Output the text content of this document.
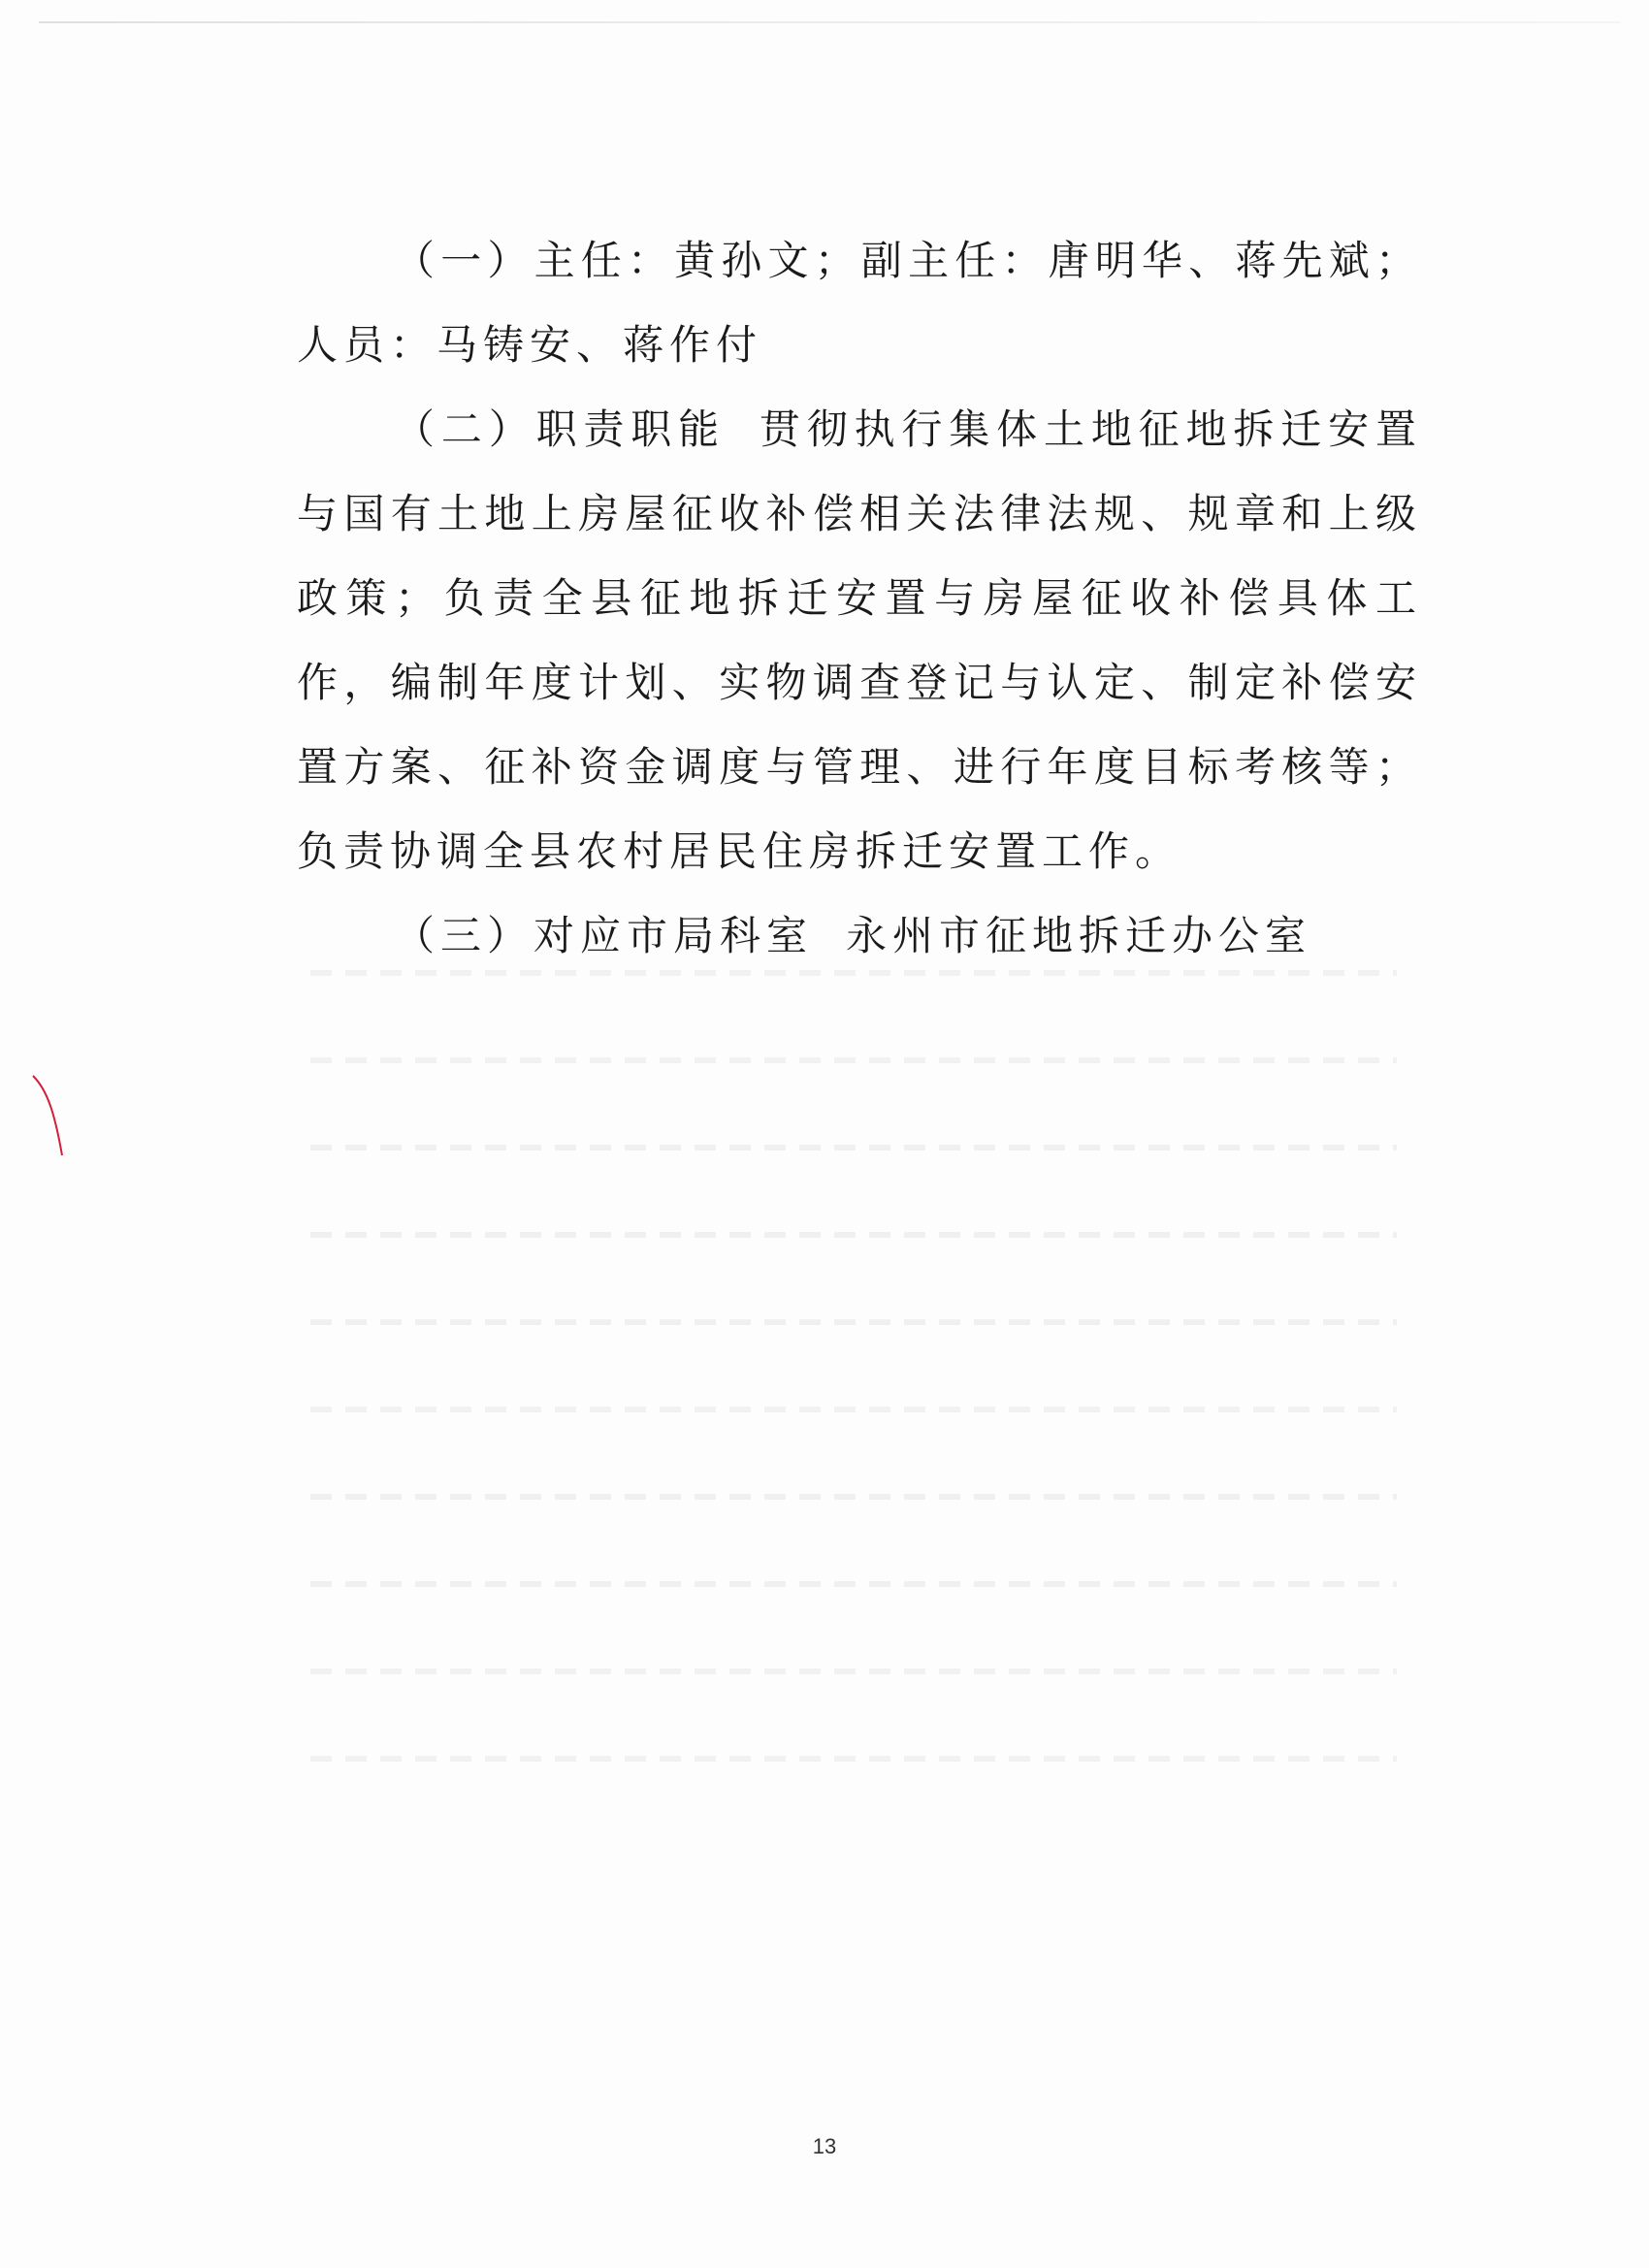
（一）主任：黄孙文；副主任：唐明华、蒋先斌；人员：马铸安、蒋作付

（二）职责职能 贯彻执行集体土地征地拆迁安置与国有土地上房屋征收补偿相关法律法规、规章和上级政策；负责全县征地拆迁安置与房屋征收补偿具体工作，编制年度计划、实物调查登记与认定、制定补偿安置方案、征补资金调度与管理、进行年度目标考核等；负责协调全县农村居民住房拆迁安置工作。

（三）对应市局科室 永州市征地拆迁办公室

13
